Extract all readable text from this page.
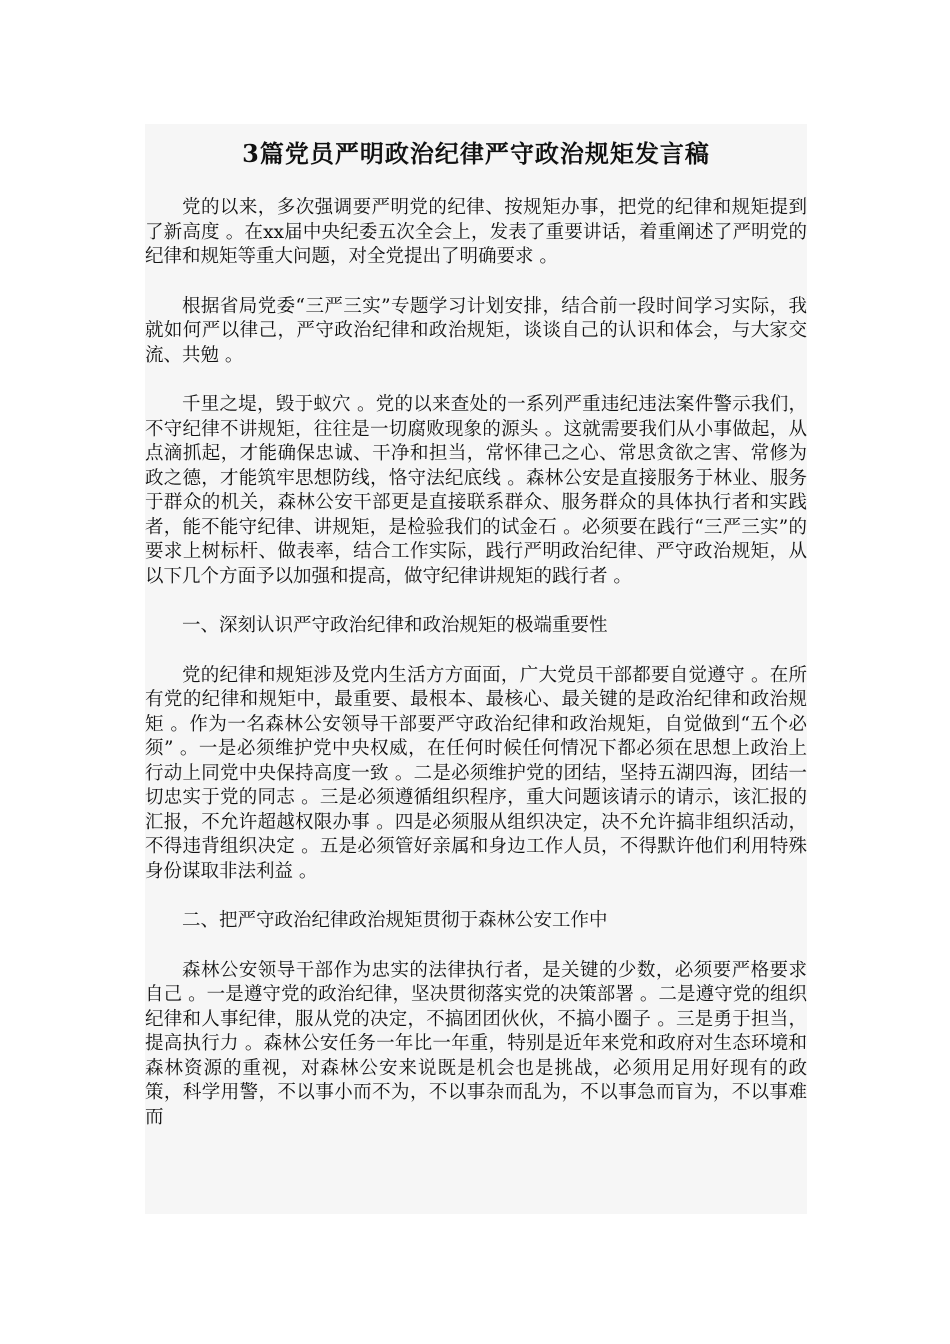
3篇党员严明政治纪律严守政治规矩发言稿

党的以来，多次强调要严明党的纪律、按规矩办事，把党的纪律和规矩提到了新高度 。在xx届中央纪委五次全会上，发表了重要讲话，着重阐述了严明党的纪律和规矩等重大问题，对全党提出了明确要求 。

根据省局党委“三严三实”专题学习计划安排，结合前一段时间学习实际，我就如何严以律己，严守政治纪律和政治规矩，谈谈自己的认识和体会，与大家交流、共勉 。

千里之堤，毁于蚁穴 。党的以来查处的一系列严重违纪违法案件警示我们，不守纪律不讲规矩，往往是一切腐败现象的源头 。这就需要我们从小事做起，从点滴抓起，才能确保忠诚、干净和担当，常怀律己之心、常思贪欲之害、常修为政之德，才能筑牢思想防线，恪守法纪底线 。森林公安是直接服务于林业、服务于群众的机关，森林公安干部更是直接联系群众、服务群众的具体执行者和实践者，能不能守纪律、讲规矩，是检验我们的试金石 。必须要在践行“三严三实”的要求上树标杆、做表率，结合工作实际，践行严明政治纪律、严守政治规矩，从以下几个方面予以加强和提高，做守纪律讲规矩的践行者 。

一、深刻认识严守政治纪律和政治规矩的极端重要性

党的纪律和规矩涉及党内生活方方面面，广大党员干部都要自觉遵守 。在所有党的纪律和规矩中，最重要、最根本、最核心、最关键的是政治纪律和政治规矩 。作为一名森林公安领导干部要严守政治纪律和政治规矩，自觉做到“五个必须” 。一是必须维护党中央权威，在任何时候任何情况下都必须在思想上政治上行动上同党中央保持高度一致 。二是必须维护党的团结，坚持五湖四海，团结一切忠实于党的同志 。三是必须遵循组织程序，重大问题该请示的请示，该汇报的汇报，不允许超越权限办事 。四是必须服从组织决定，决不允许搞非组织活动，不得违背组织决定 。五是必须管好亲属和身边工作人员，不得默许他们利用特殊身份谋取非法利益 。

二、把严守政治纪律政治规矩贯彻于森林公安工作中

森林公安领导干部作为忠实的法律执行者，是关键的少数，必须要严格要求自己 。一是遵守党的政治纪律，坚决贯彻落实党的决策部署 。二是遵守党的组织纪律和人事纪律，服从党的决定，不搞团团伙伙，不搞小圈子 。三是勇于担当，提高执行力 。森林公安任务一年比一年重，特别是近年来党和政府对生态环境和森林资源的重视，对森林公安来说既是机会也是挑战，必须用足用好现有的政策，科学用警，不以事小而不为，不以事杂而乱为，不以事急而盲为，不以事难而
